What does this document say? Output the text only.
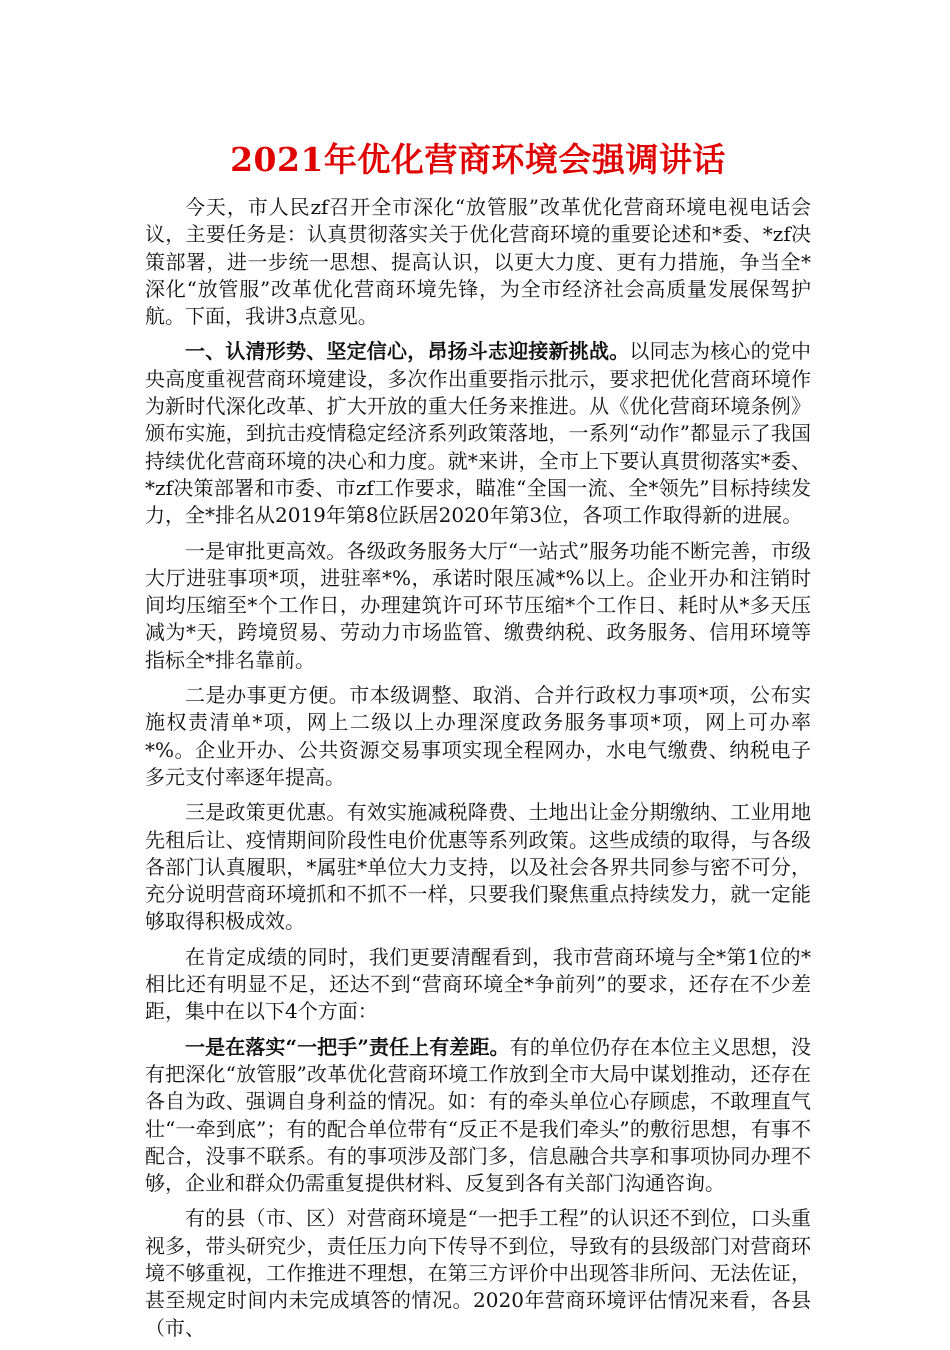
2021年优化营商环境会强调讲话

今天，市人民zf召开全市深化“放管服”改革优化营商环境电视电话会议，主要任务是：认真贯彻落实关于优化营商环境的重要论述和*委、*zf决策部署，进一步统一思想、提高认识，以更大力度、更有力措施，争当全*深化“放管服”改革优化营商环境先锋，为全市经济社会高质量发展保驾护航。下面，我讲3点意见。

一、认清形势、坚定信心，昂扬斗志迎接新挑战。以同志为核心的党中央高度重视营商环境建设，多次作出重要指示批示，要求把优化营商环境作为新时代深化改革、扩大开放的重大任务来推进。从《优化营商环境条例》颁布实施，到抗击疫情稳定经济系列政策落地，一系列“动作”都显示了我国持续优化营商环境的决心和力度。就*来讲，全市上下要认真贯彻落实*委、*zf决策部署和市委、市zf工作要求，瞄准“全国一流、全*领先”目标持续发力，全*排名从2019年第8位跃居2020年第3位，各项工作取得新的进展。

一是审批更高效。各级政务服务大厅“一站式”服务功能不断完善，市级大厅进驻事项*项，进驻率*%，承诺时限压减*%以上。企业开办和注销时间均压缩至*个工作日，办理建筑许可环节压缩*个工作日、耗时从*多天压减为*天，跨境贸易、劳动力市场监管、缴费纳税、政务服务、信用环境等指标全*排名靠前。

二是办事更方便。市本级调整、取消、合并行政权力事项*项，公布实施权责清单*项，网上二级以上办理深度政务服务事项*项，网上可办率*%。企业开办、公共资源交易事项实现全程网办，水电气缴费、纳税电子多元支付率逐年提高。

三是政策更优惠。有效实施减税降费、土地出让金分期缴纳、工业用地先租后让、疫情期间阶段性电价优惠等系列政策。这些成绩的取得，与各级各部门认真履职，*属驻*单位大力支持，以及社会各界共同参与密不可分，充分说明营商环境抓和不抓不一样，只要我们聚焦重点持续发力，就一定能够取得积极成效。

在肯定成绩的同时，我们更要清醒看到，我市营商环境与全*第1位的*相比还有明显不足，还达不到“营商环境全*争前列”的要求，还存在不少差距，集中在以下4个方面：

一是在落实“一把手”责任上有差距。有的单位仍存在本位主义思想，没有把深化“放管服”改革优化营商环境工作放到全市大局中谋划推动，还存在各自为政、强调自身利益的情况。如：有的牵头单位心存顾虑，不敢理直气壮“一牵到底”；有的配合单位带有“反正不是我们牵头”的敷衍思想，有事不配合，没事不联系。有的事项涉及部门多，信息融合共享和事项协同办理不够，企业和群众仍需重复提供材料、反复到各有关部门沟通咨询。

有的县（市、区）对营商环境是“一把手工程”的认识还不到位，口头重视多，带头研究少，责任压力向下传导不到位，导致有的县级部门对营商环境不够重视，工作推进不理想，在第三方评价中出现答非所问、无法佐证，甚至规定时间内未完成填答的情况。2020年营商环境评估情况来看，各县（市、
